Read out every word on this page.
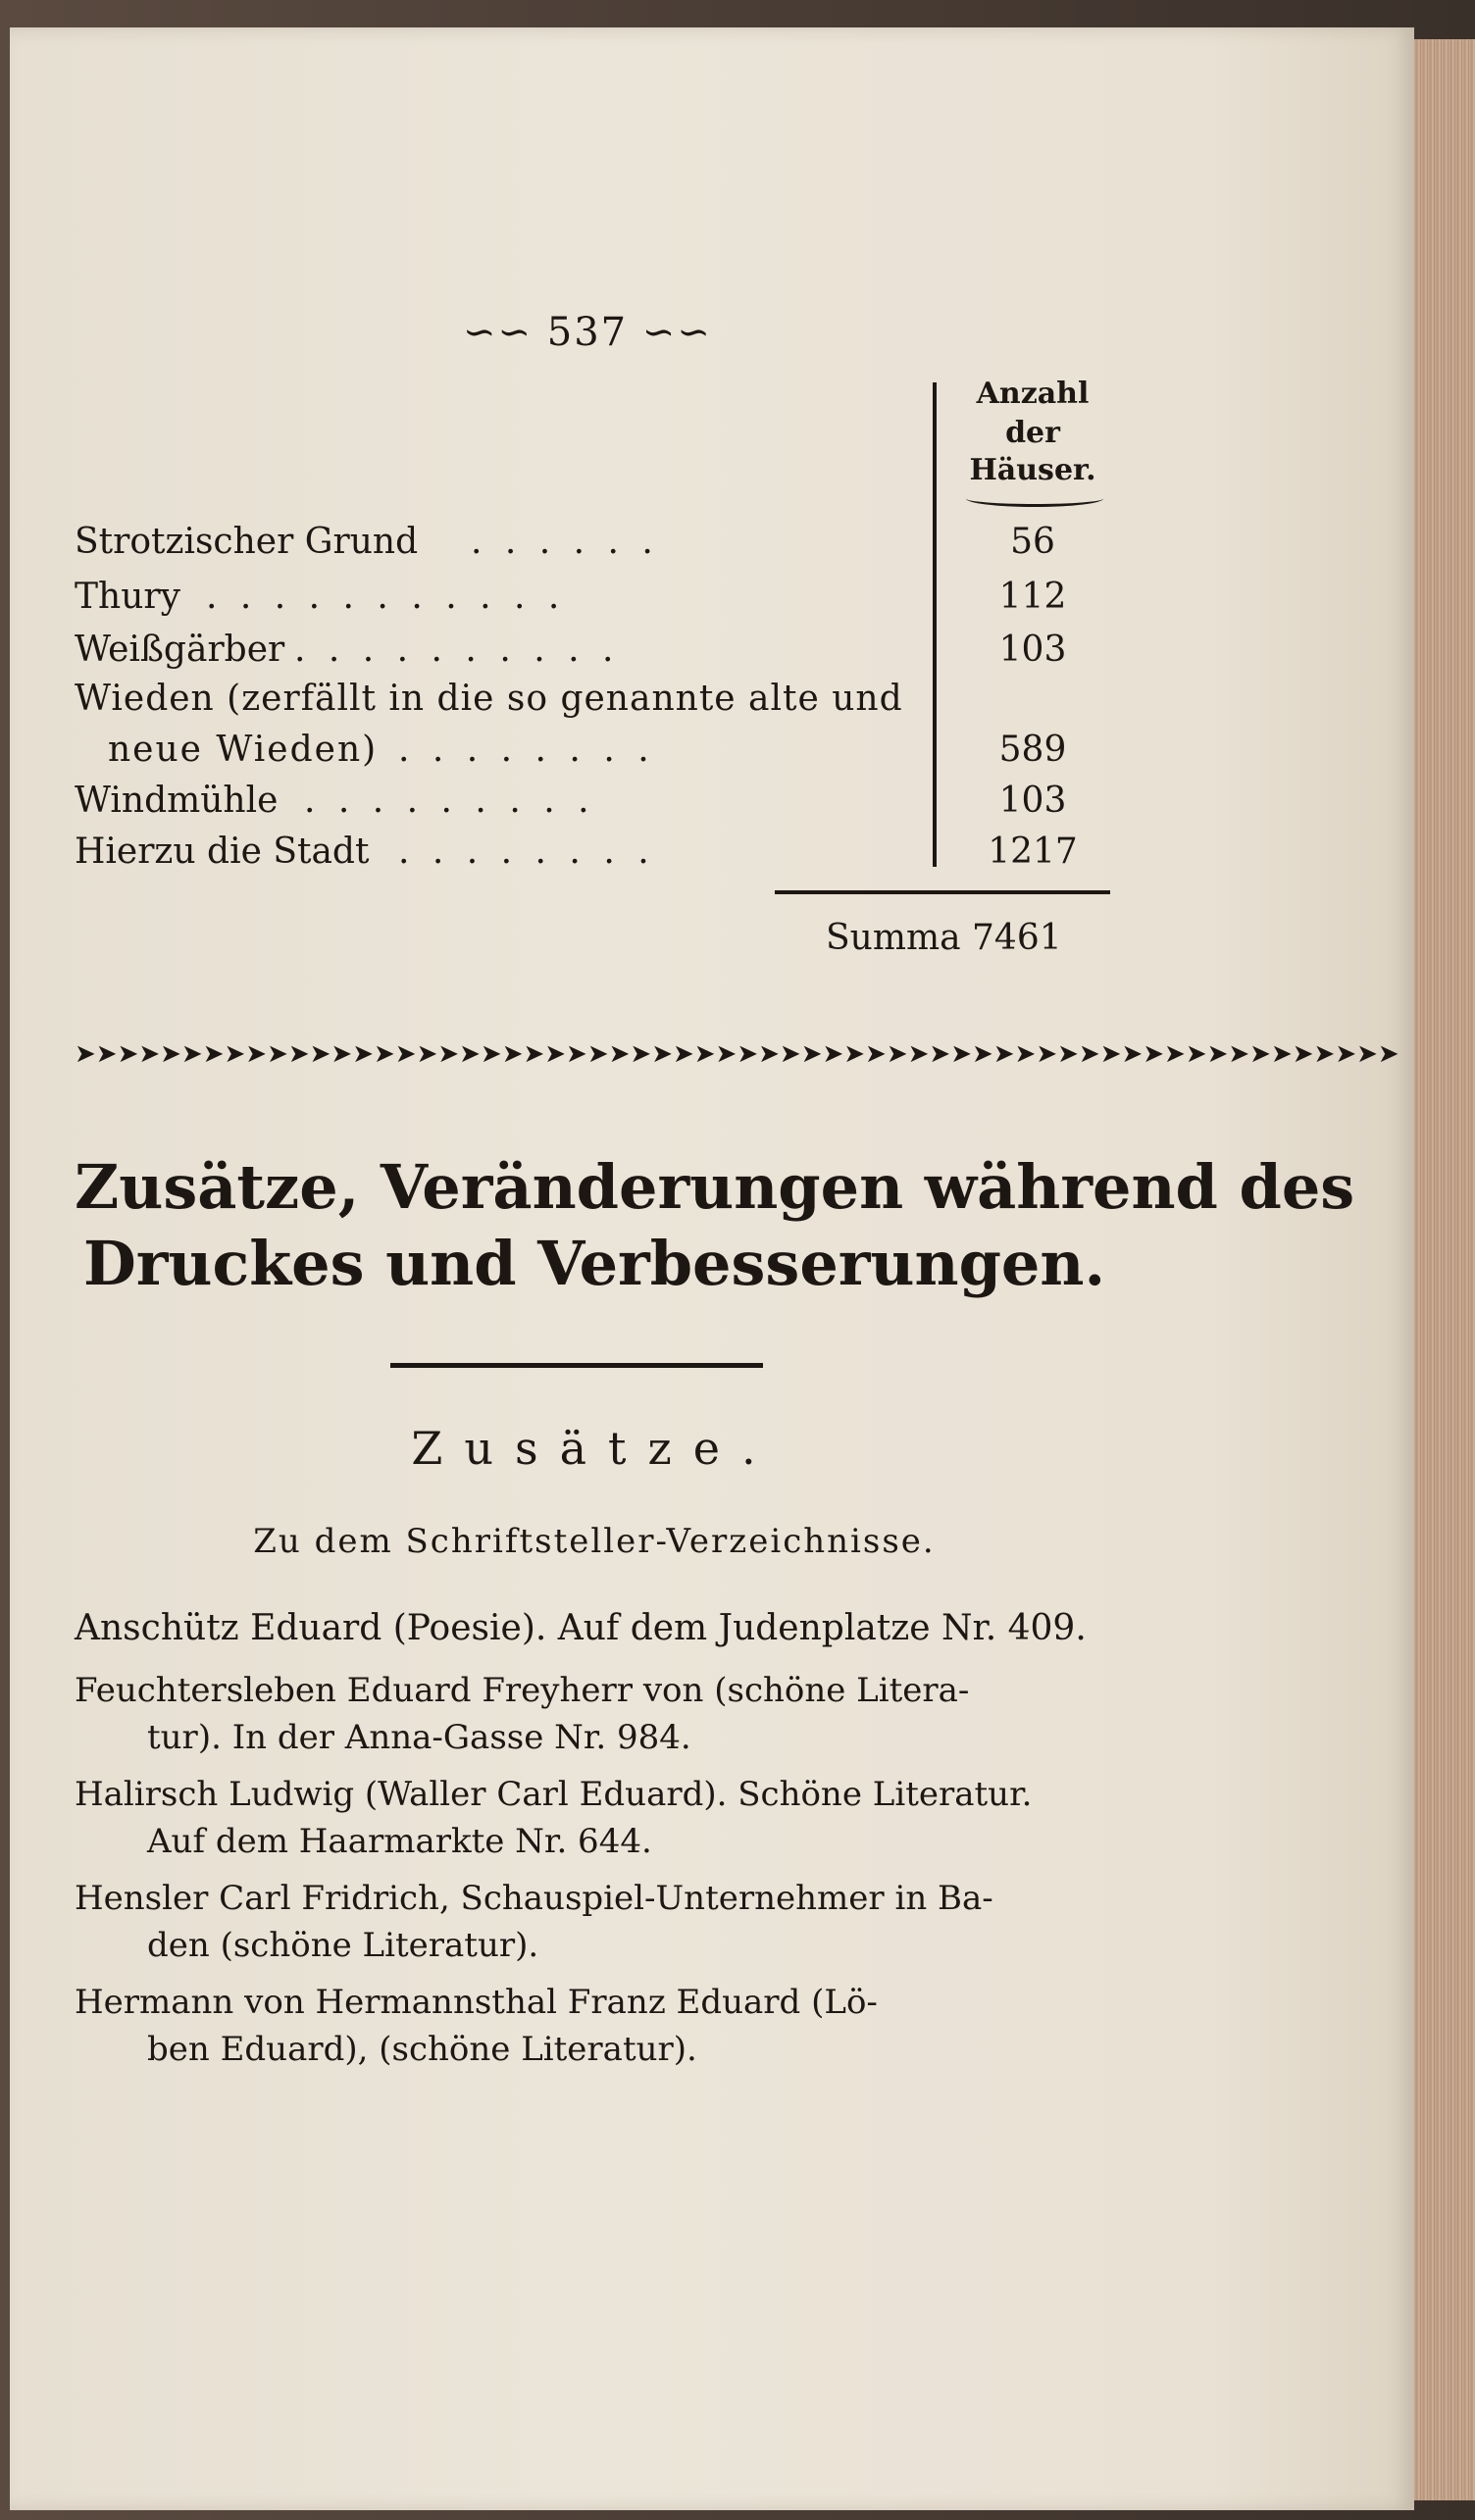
∽∽ 537 ∽∽
Anzahl
der
Häuser.
Strotzischer Grund . . . . . .	56
Thury . . . . . . . . . . .	112
Weißgärber . . . . . . . . . .	103
Wieden (zerfällt in die so genannte alte und
neue Wieden) . . . . . . . .	589
Windmühle . . . . . . . . .	103
Hierzu die Stadt . . . . . . . .	1217
Summa 7461
➤➤➤➤➤➤➤➤➤➤➤➤➤➤➤➤➤➤➤➤➤➤➤➤➤➤➤➤➤➤➤➤➤➤➤➤➤➤➤➤➤➤➤➤➤➤➤➤➤➤➤➤➤➤➤➤➤➤➤➤➤➤
Zusätze, Veränderungen während des
Druckes und Verbesserungen.
Zusätze.
Zu dem Schriftsteller-Verzeichnisse.
Anschütz Eduard (Poesie). Auf dem Judenplatze Nr. 409.
Feuchtersleben Eduard Freyherr von (schöne Litera-
tur). In der Anna-Gasse Nr. 984.
Halirsch Ludwig (Waller Carl Eduard). Schöne Literatur.
Auf dem Haarmarkte Nr. 644.
Hensler Carl Fridrich, Schauspiel-Unternehmer in Ba-
den (schöne Literatur).
Hermann von Hermannsthal Franz Eduard (Lö-
ben Eduard), (schöne Literatur).
